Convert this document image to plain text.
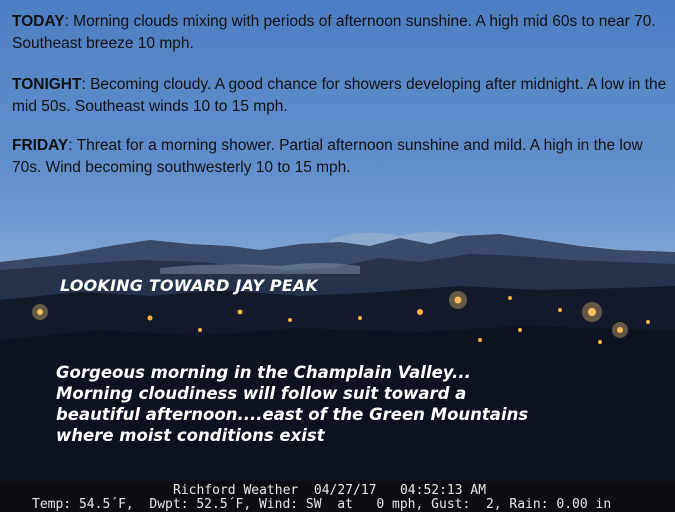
TODAY: Morning clouds mixing with periods of afternoon sunshine. A high mid 60s to near 70. Southeast breeze 10 mph.
TONIGHT: Becoming cloudy. A good chance for showers developing after midnight. A low in the mid 50s. Southeast winds 10 to 15 mph.
FRIDAY: Threat for a morning shower. Partial afternoon sunshine and mild. A high in the low 70s. Wind becoming southwesterly 10 to 15 mph.
LOOKING TOWARD JAY PEAK
Gorgeous morning in the Champlain Valley...
Morning cloudiness will follow suit toward a
beautiful afternoon....east of the Green Mountains
where moist conditions exist
Richford Weather  04/27/17   04:52:13 AM
Temp: 54.5´F,  Dwpt: 52.5´F, Wind: SW  at   0 mph, Gust:  2, Rain: 0.00 in
